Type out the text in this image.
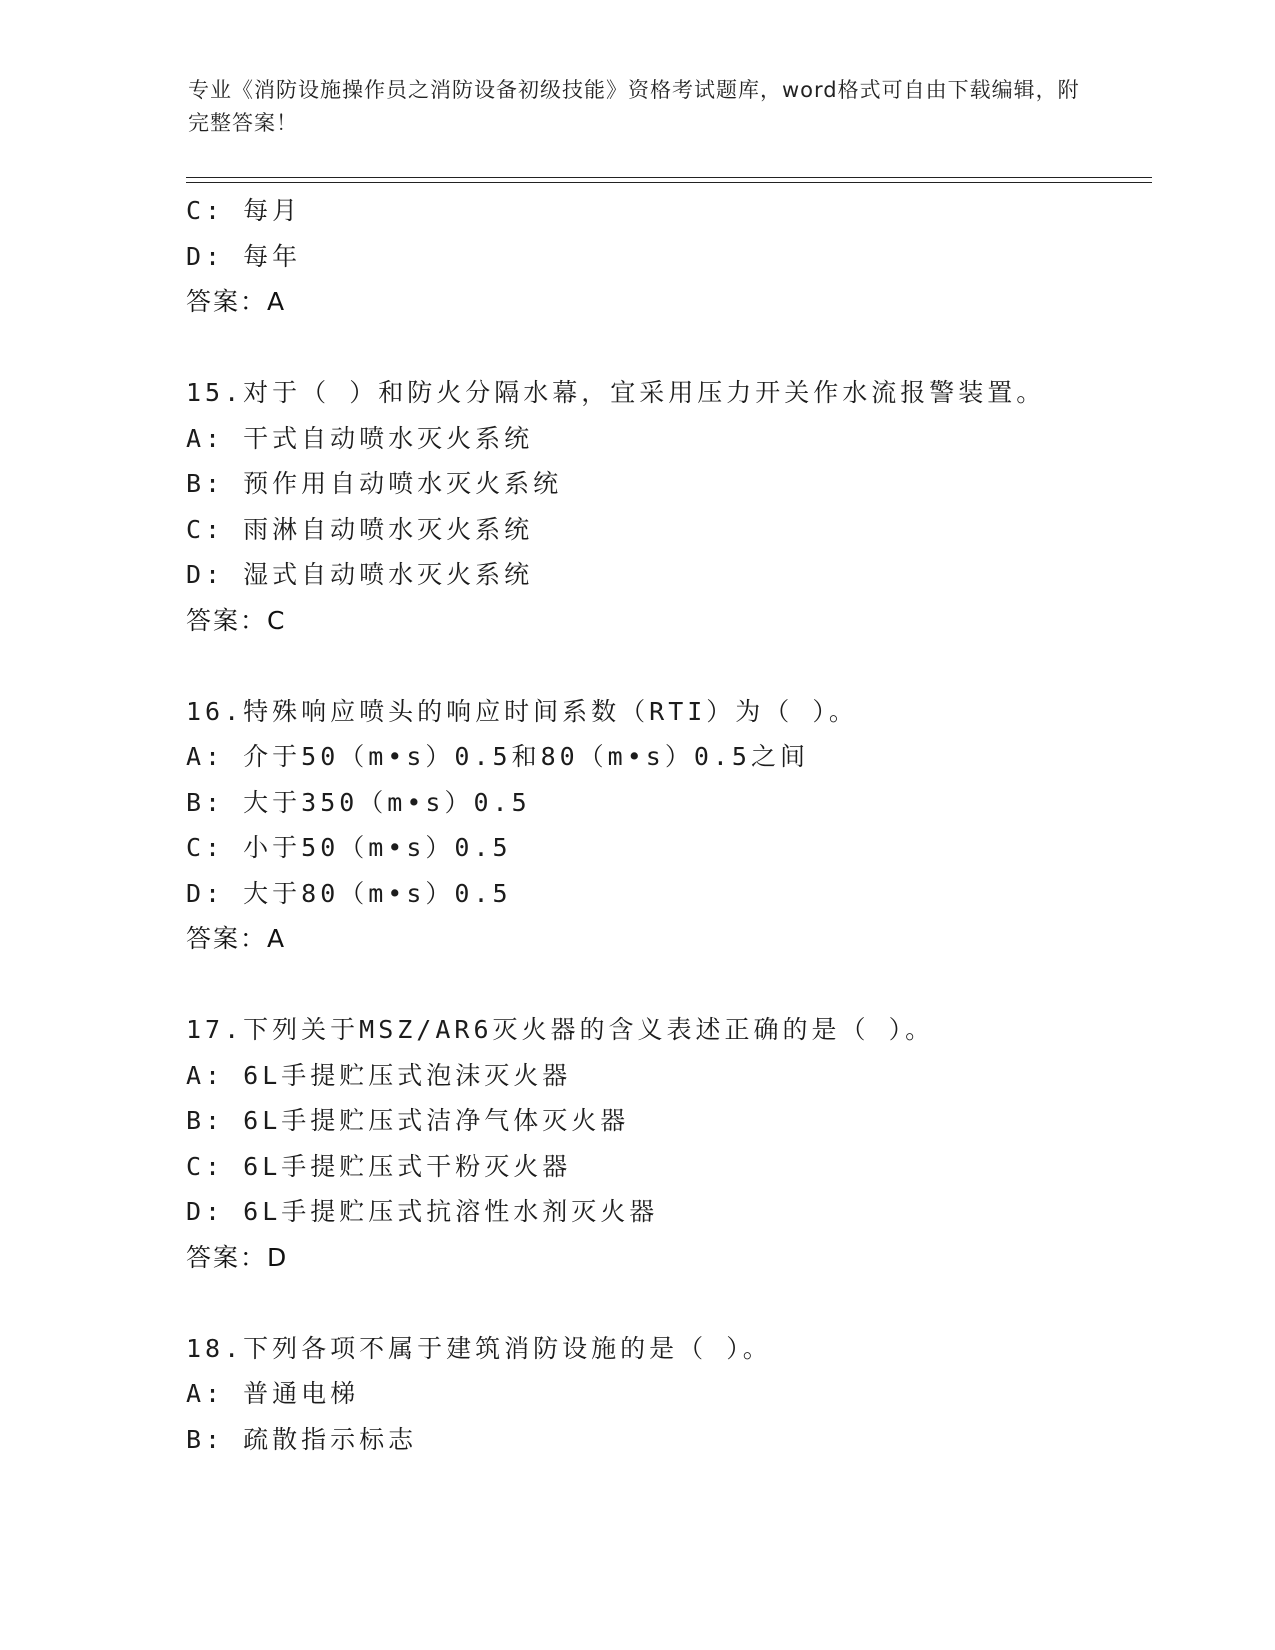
专业《消防设施操作员之消防设备初级技能》资格考试题库，word格式可自由下载编辑，附完整答案！
C: 每月
D: 每年
答案：A
15.对于（ ）和防火分隔水幕，宜采用压力开关作水流报警装置。
A: 干式自动喷水灭火系统
B: 预作用自动喷水灭火系统
C: 雨淋自动喷水灭火系统
D: 湿式自动喷水灭火系统
答案：C
16.特殊响应喷头的响应时间系数（RTI）为（ ）。
A: 介于50（m•s）0.5和80（m•s）0.5之间
B: 大于350（m•s）0.5
C: 小于50（m•s）0.5
D: 大于80（m•s）0.5
答案：A
17.下列关于MSZ/AR6灭火器的含义表述正确的是（ ）。
A: 6L手提贮压式泡沫灭火器
B: 6L手提贮压式洁净气体灭火器
C: 6L手提贮压式干粉灭火器
D: 6L手提贮压式抗溶性水剂灭火器
答案：D
18.下列各项不属于建筑消防设施的是（ ）。
A: 普通电梯
B: 疏散指示标志
